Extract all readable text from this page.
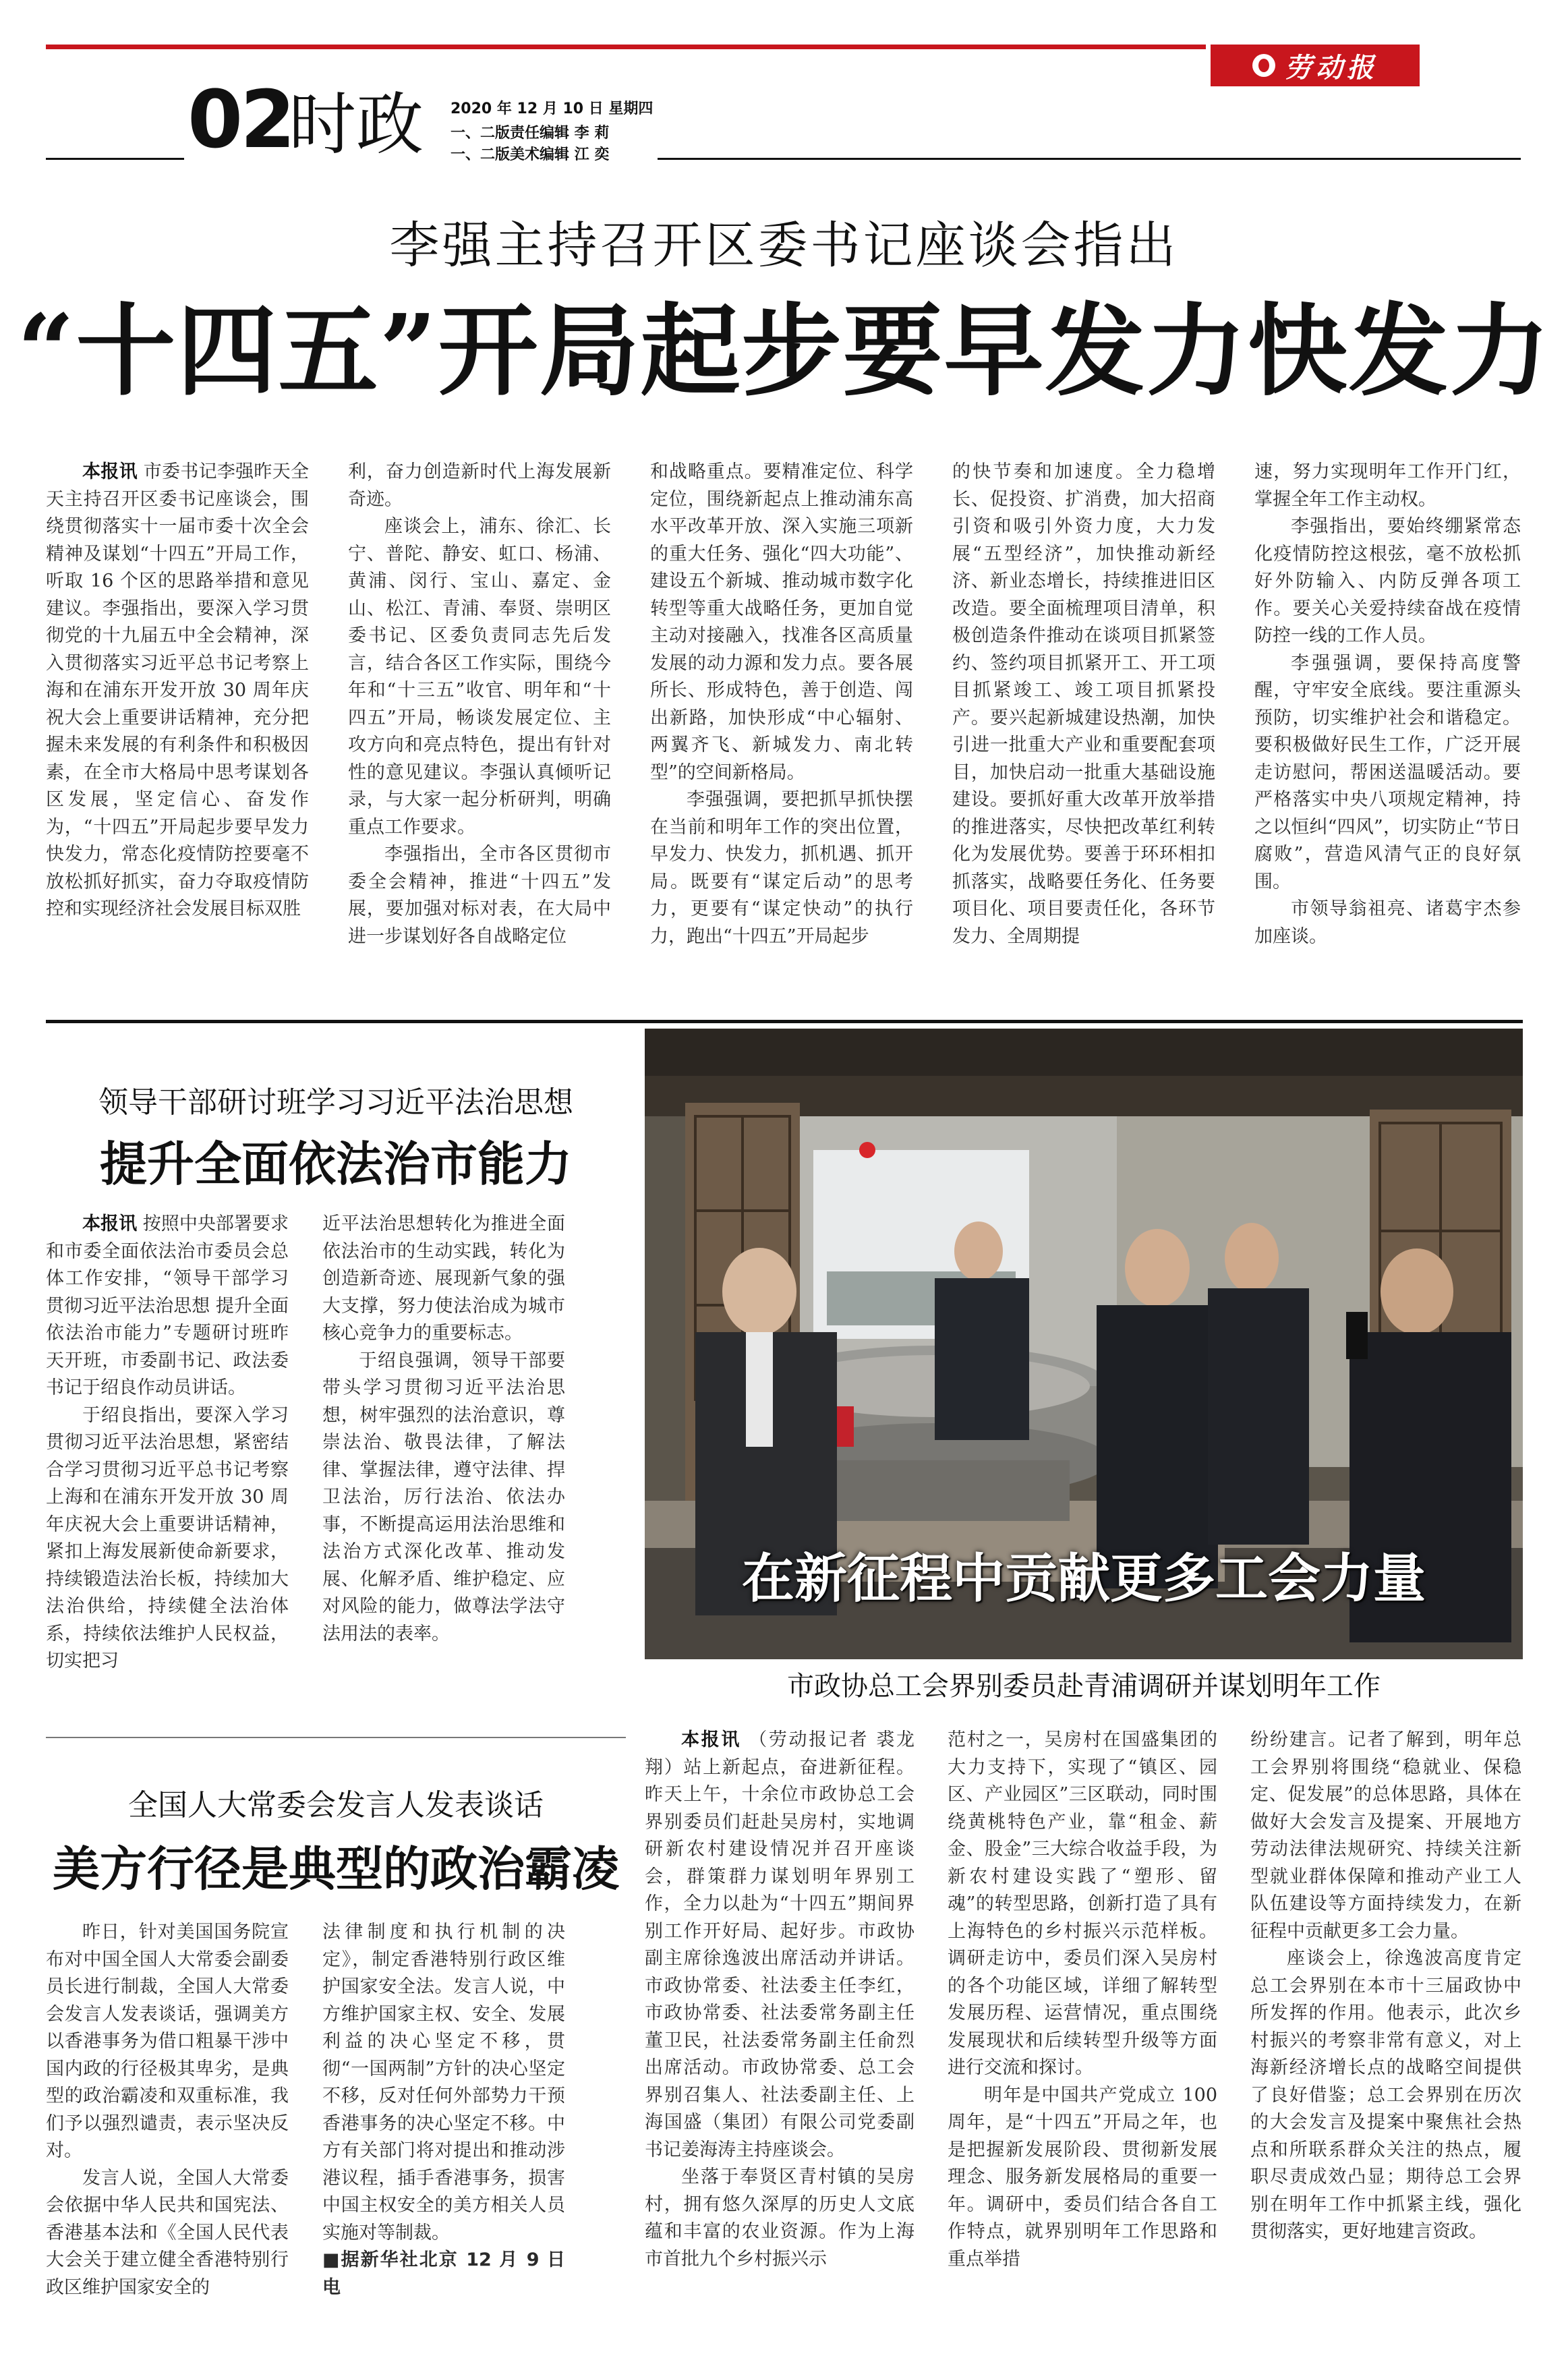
劳动报
02
时政 2020 年 12 月 10 日 星期四
一、二版责任编辑 李 莉
一、二版美术编辑 江 奕
李强主持召开区委书记座谈会指出
“十四五”开局起步要早发力快发力

本报讯 市委书记李强昨天全天主持召开区委书记座谈会，围绕贯彻落实十一届市委十次全会精神及谋划“十四五”开局工作，听取 16 个区的思路举措和意见建议。李强指出，要深入学习贯彻党的十九届五中全会精神，深入贯彻落实习近平总书记考察上海和在浦东开发开放 30 周年庆祝大会上重要讲话精神，充分把握未来发展的有利条件和积极因素，在全市大格局中思考谋划各区发展，坚定信心、奋发作为，“十四五”开局起步要早发力快发力，常态化疫情防控要毫不放松抓好抓实，奋力夺取疫情防控和实现经济社会发展目标双胜

利，奋力创造新时代上海发展新奇迹。

座谈会上，浦东、徐汇、长宁、普陀、静安、虹口、杨浦、黄浦、闵行、宝山、嘉定、金山、松江、青浦、奉贤、崇明区委书记、区委负责同志先后发言，结合各区工作实际，围绕今年和“十三五”收官、明年和“十四五”开局，畅谈发展定位、主攻方向和亮点特色，提出有针对性的意见建议。李强认真倾听记录，与大家一起分析研判，明确重点工作要求。

李强指出，全市各区贯彻市委全会精神，推进“十四五”发展，要加强对标对表，在大局中进一步谋划好各自战略定位

和战略重点。要精准定位、科学定位，围绕新起点上推动浦东高水平改革开放、深入实施三项新的重大任务、强化“四大功能”、建设五个新城、推动城市数字化转型等重大战略任务，更加自觉主动对接融入，找准各区高质量发展的动力源和发力点。要各展所长、形成特色，善于创造、闯出新路，加快形成“中心辐射、两翼齐飞、新城发力、南北转型”的空间新格局。

李强强调，要把抓早抓快摆在当前和明年工作的突出位置，早发力、快发力，抓机遇、抓开局。既要有“谋定后动”的思考力，更要有“谋定快动”的执行力，跑出“十四五”开局起步

的快节奏和加速度。全力稳增长、促投资、扩消费，加大招商引资和吸引外资力度，大力发展“五型经济”，加快推动新经济、新业态增长，持续推进旧区改造。要全面梳理项目清单，积极创造条件推动在谈项目抓紧签约、签约项目抓紧开工、开工项目抓紧竣工、竣工项目抓紧投产。要兴起新城建设热潮，加快引进一批重大产业和重要配套项目，加快启动一批重大基础设施建设。要抓好重大改革开放举措的推进落实，尽快把改革红利转化为发展优势。要善于环环相扣抓落实，战略要任务化、任务要项目化、项目要责任化，各环节发力、全周期提

速，努力实现明年工作开门红，掌握全年工作主动权。

李强指出，要始终绷紧常态化疫情防控这根弦，毫不放松抓好外防输入、内防反弹各项工作。要关心关爱持续奋战在疫情防控一线的工作人员。

李强强调，要保持高度警醒，守牢安全底线。要注重源头预防，切实维护社会和谐稳定。要积极做好民生工作，广泛开展走访慰问，帮困送温暖活动。要严格落实中央八项规定精神，持之以恒纠“四风”，切实防止“节日腐败”，营造风清气正的良好氛围。

市领导翁祖亮、诸葛宇杰参加座谈。

领导干部研讨班学习习近平法治思想
提升全面依法治市能力

本报讯 按照中央部署要求和市委全面依法治市委员会总体工作安排，“领导干部学习贯彻习近平法治思想 提升全面依法治市能力”专题研讨班昨天开班，市委副书记、政法委书记于绍良作动员讲话。

于绍良指出，要深入学习贯彻习近平法治思想，紧密结合学习贯彻习近平总书记考察上海和在浦东开发开放 30 周年庆祝大会上重要讲话精神，紧扣上海发展新使命新要求，持续锻造法治长板，持续加大法治供给，持续健全法治体系，持续依法维护人民权益，切实把习

近平法治思想转化为推进全面依法治市的生动实践，转化为创造新奇迹、展现新气象的强大支撑，努力使法治成为城市核心竞争力的重要标志。

于绍良强调，领导干部要带头学习贯彻习近平法治思想，树牢强烈的法治意识，尊崇法治、敬畏法律，了解法律、掌握法律，遵守法律、捍卫法治，厉行法治、依法办事，不断提高运用法治思维和法治方式深化改革、推动发展、化解矛盾、维护稳定、应对风险的能力，做尊法学法守法用法的表率。

全国人大常委会发言人发表谈话
美方行径是典型的政治霸凌

昨日，针对美国国务院宣布对中国全国人大常委会副委员长进行制裁，全国人大常委会发言人发表谈话，强调美方以香港事务为借口粗暴干涉中国内政的行径极其卑劣，是典型的政治霸凌和双重标准，我们予以强烈谴责，表示坚决反对。

发言人说，全国人大常委会依据中华人民共和国宪法、香港基本法和《全国人民代表大会关于建立健全香港特别行政区维护国家安全的

法律制度和执行机制的决定》，制定香港特别行政区维护国家安全法。发言人说，中方维护国家主权、安全、发展利益的决心坚定不移，贯彻“一国两制”方针的决心坚定不移，反对任何外部势力干预香港事务的决心坚定不移。中方有关部门将对提出和推动涉港议程，插手香港事务，损害中国主权安全的美方相关人员实施对等制裁。

■据新华社北京 12 月 9 日电

在新征程中贡献更多工会力量
市政协总工会界别委员赴青浦调研并谋划明年工作

本报讯 （劳动报记者 裘龙翔）站上新起点，奋进新征程。昨天上午，十余位市政协总工会界别委员们赶赴吴房村，实地调研新农村建设情况并召开座谈会，群策群力谋划明年界别工作，全力以赴为“十四五”期间界别工作开好局、起好步。市政协副主席徐逸波出席活动并讲话。市政协常委、社法委主任李红，市政协常委、社法委常务副主任董卫民，社法委常务副主任俞烈出席活动。市政协常委、总工会界别召集人、社法委副主任、上海国盛（集团）有限公司党委副书记姜海涛主持座谈会。

坐落于奉贤区青村镇的吴房村，拥有悠久深厚的历史人文底蕴和丰富的农业资源。作为上海市首批九个乡村振兴示

范村之一，吴房村在国盛集团的大力支持下，实现了“镇区、园区、产业园区”三区联动，同时围绕黄桃特色产业，靠“租金、薪金、股金”三大综合收益手段，为新农村建设实践了“塑形、留魂”的转型思路，创新打造了具有上海特色的乡村振兴示范样板。调研走访中，委员们深入吴房村的各个功能区域，详细了解转型发展历程、运营情况，重点围绕发展现状和后续转型升级等方面进行交流和探讨。

明年是中国共产党成立 100 周年，是“十四五”开局之年，也是把握新发展阶段、贯彻新发展理念、服务新发展格局的重要一年。调研中，委员们结合各自工作特点，就界别明年工作思路和重点举措

纷纷建言。记者了解到，明年总工会界别将围绕“稳就业、保稳定、促发展”的总体思路，具体在做好大会发言及提案、开展地方劳动法律法规研究、持续关注新型就业群体保障和推动产业工人队伍建设等方面持续发力，在新征程中贡献更多工会力量。

座谈会上，徐逸波高度肯定总工会界别在本市十三届政协中所发挥的作用。他表示，此次乡村振兴的考察非常有意义，对上海新经济增长点的战略空间提供了良好借鉴；总工会界别在历次的大会发言及提案中聚焦社会热点和所联系群众关注的热点，履职尽责成效凸显；期待总工会界别在明年工作中抓紧主线，强化贯彻落实，更好地建言资政。
